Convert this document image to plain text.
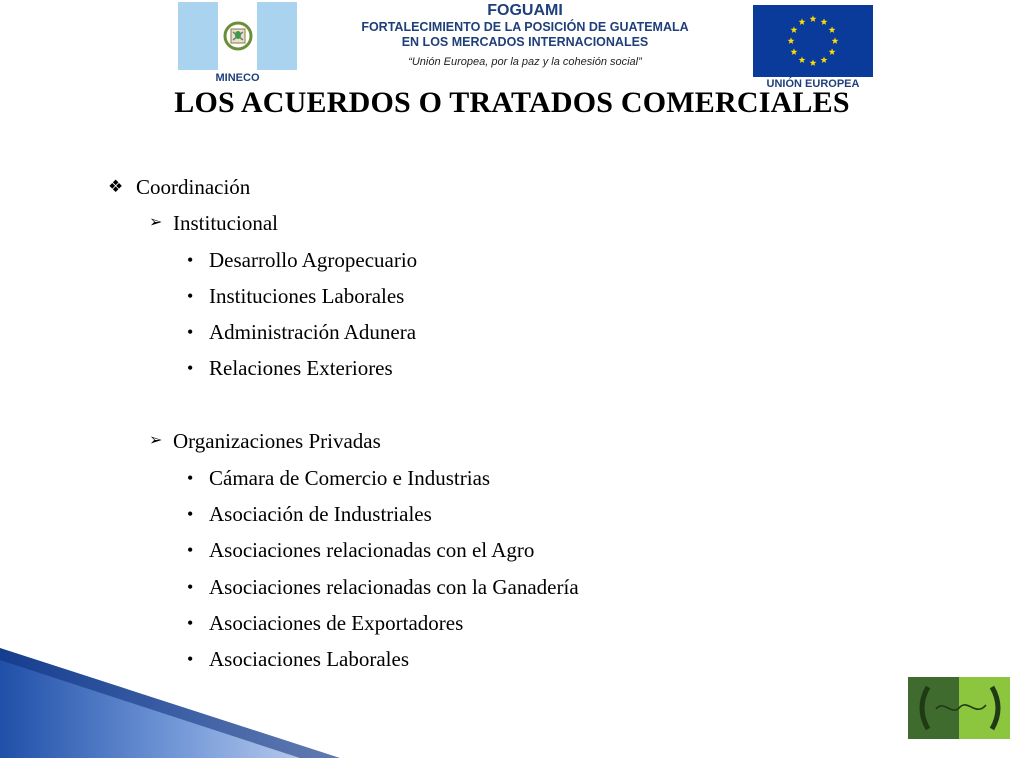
MINECO
FOGUAMI
FORTALECIMIENTO DE LA POSICIÓN DE GUATEMALA
EN LOS MERCADOS INTERNACIONALES
“Unión Europea, por la paz y la cohesión social”
UNIÓN EUROPEA
LOS ACUERDOS O TRATADOS COMERCIALES
❖ Coordinación
➢ Institucional
• Desarrollo Agropecuario
• Instituciones Laborales
• Administración Adunera
• Relaciones Exteriores
➢ Organizaciones Privadas
• Cámara de Comercio e Industrias
• Asociación de Industriales
• Asociaciones relacionadas con el Agro
• Asociaciones relacionadas con la Ganadería
• Asociaciones de Exportadores
• Asociaciones Laborales
